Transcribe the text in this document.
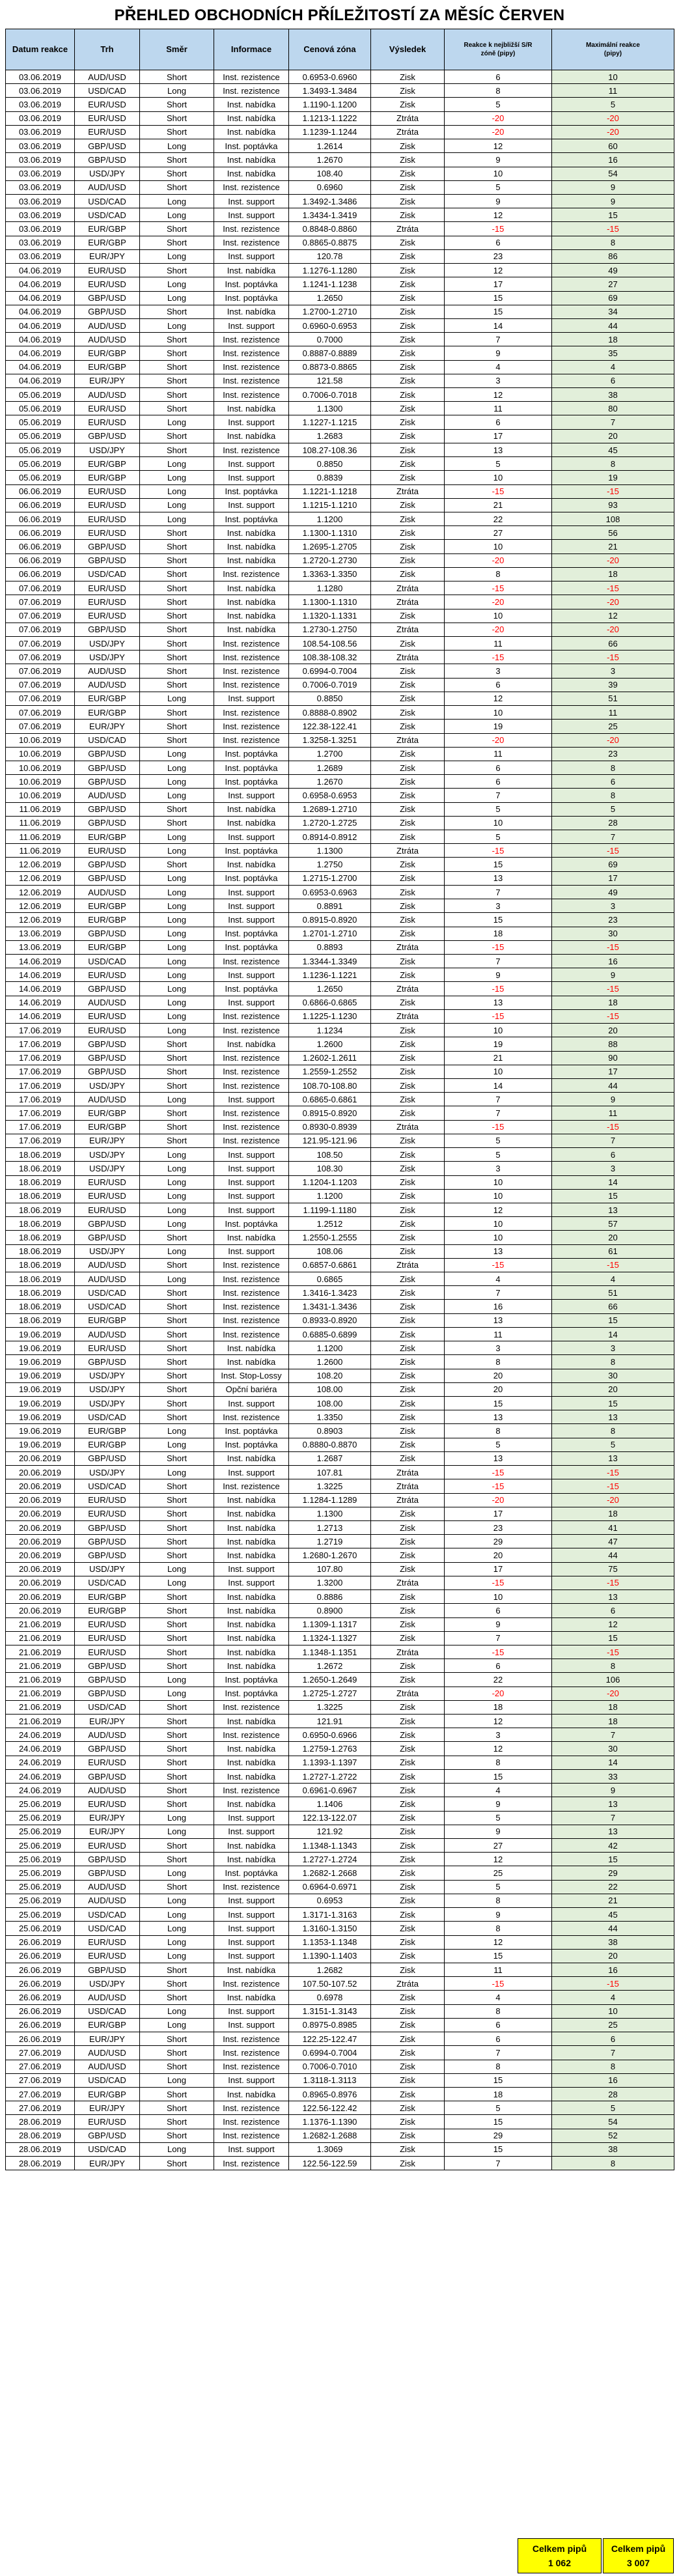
PŘEHLED OBCHODNÍCH PŘÍLEŽITOSTÍ ZA MĚSÍC ČERVEN
Datum reakce	Trh	Směr	Informace	Cenová zóna	Výsledek	Reakce k nejbližší S/R zóně (pipy)	Maximální reakce (pipy)
03.06.2019	AUD/USD	Short	Inst. rezistence	0.6953-0.6960	Zisk	6	10
03.06.2019	USD/CAD	Long	Inst. rezistence	1.3493-1.3484	Zisk	8	11
03.06.2019	EUR/USD	Short	Inst. nabídka	1.1190-1.1200	Zisk	5	5
03.06.2019	EUR/USD	Short	Inst. nabídka	1.1213-1.1222	Ztráta	-20	-20
03.06.2019	EUR/USD	Short	Inst. nabídka	1.1239-1.1244	Ztráta	-20	-20
03.06.2019	GBP/USD	Long	Inst. poptávka	1.2614	Zisk	12	60
03.06.2019	GBP/USD	Short	Inst. nabídka	1.2670	Zisk	9	16
03.06.2019	USD/JPY	Short	Inst. nabídka	108.40	Zisk	10	54
03.06.2019	AUD/USD	Short	Inst. rezistence	0.6960	Zisk	5	9
03.06.2019	USD/CAD	Long	Inst. support	1.3492-1.3486	Zisk	9	9
03.06.2019	USD/CAD	Long	Inst. support	1.3434-1.3419	Zisk	12	15
03.06.2019	EUR/GBP	Short	Inst. rezistence	0.8848-0.8860	Ztráta	-15	-15
03.06.2019	EUR/GBP	Short	Inst. rezistence	0.8865-0.8875	Zisk	6	8
03.06.2019	EUR/JPY	Long	Inst. support	120.78	Zisk	23	86
04.06.2019	EUR/USD	Short	Inst. nabídka	1.1276-1.1280	Zisk	12	49
04.06.2019	EUR/USD	Long	Inst. poptávka	1.1241-1.1238	Zisk	17	27
04.06.2019	GBP/USD	Long	Inst. poptávka	1.2650	Zisk	15	69
04.06.2019	GBP/USD	Short	Inst. nabídka	1.2700-1.2710	Zisk	15	34
04.06.2019	AUD/USD	Long	Inst. support	0.6960-0.6953	Zisk	14	44
04.06.2019	AUD/USD	Short	Inst. rezistence	0.7000	Zisk	7	18
04.06.2019	EUR/GBP	Short	Inst. rezistence	0.8887-0.8889	Zisk	9	35
04.06.2019	EUR/GBP	Short	Inst. rezistence	0.8873-0.8865	Zisk	4	4
04.06.2019	EUR/JPY	Short	Inst. rezistence	121.58	Zisk	3	6
05.06.2019	AUD/USD	Short	Inst. rezistence	0.7006-0.7018	Zisk	12	38
05.06.2019	EUR/USD	Short	Inst. nabídka	1.1300	Zisk	11	80
05.06.2019	EUR/USD	Long	Inst. support	1.1227-1.1215	Zisk	6	7
05.06.2019	GBP/USD	Short	Inst. nabídka	1.2683	Zisk	17	20
05.06.2019	USD/JPY	Short	Inst. rezistence	108.27-108.36	Zisk	13	45
05.06.2019	EUR/GBP	Long	Inst. support	0.8850	Zisk	5	8
05.06.2019	EUR/GBP	Long	Inst. support	0.8839	Zisk	10	19
06.06.2019	EUR/USD	Long	Inst. poptávka	1.1221-1.1218	Ztráta	-15	-15
06.06.2019	EUR/USD	Long	Inst. support	1.1215-1.1210	Zisk	21	93
06.06.2019	EUR/USD	Long	Inst. poptávka	1.1200	Zisk	22	108
06.06.2019	EUR/USD	Short	Inst. nabídka	1.1300-1.1310	Zisk	27	56
06.06.2019	GBP/USD	Short	Inst. nabídka	1.2695-1.2705	Zisk	10	21
06.06.2019	GBP/USD	Short	Inst. nabídka	1.2720-1.2730	Zisk	-20	-20
06.06.2019	USD/CAD	Short	Inst. rezistence	1.3363-1.3350	Zisk	8	18
07.06.2019	EUR/USD	Short	Inst. nabídka	1.1280	Ztráta	-15	-15
07.06.2019	EUR/USD	Short	Inst. nabídka	1.1300-1.1310	Ztráta	-20	-20
07.06.2019	EUR/USD	Short	Inst. nabídka	1.1320-1.1331	Zisk	10	12
07.06.2019	GBP/USD	Short	Inst. nabídka	1.2730-1.2750	Ztráta	-20	-20
07.06.2019	USD/JPY	Short	Inst. rezistence	108.54-108.56	Zisk	11	66
07.06.2019	USD/JPY	Short	Inst. rezistence	108.38-108.32	Ztráta	-15	-15
07.06.2019	AUD/USD	Short	Inst. rezistence	0.6994-0.7004	Zisk	3	3
07.06.2019	AUD/USD	Short	Inst. rezistence	0.7006-0.7019	Zisk	6	39
07.06.2019	EUR/GBP	Long	Inst. support	0.8850	Zisk	12	51
07.06.2019	EUR/GBP	Short	Inst. rezistence	0.8888-0.8902	Zisk	10	11
07.06.2019	EUR/JPY	Short	Inst. rezistence	122.38-122.41	Zisk	19	25
10.06.2019	USD/CAD	Short	Inst. rezistence	1.3258-1.3251	Ztráta	-20	-20
10.06.2019	GBP/USD	Long	Inst. poptávka	1.2700	Zisk	11	23
10.06.2019	GBP/USD	Long	Inst. poptávka	1.2689	Zisk	6	8
10.06.2019	GBP/USD	Long	Inst. poptávka	1.2670	Zisk	6	6
10.06.2019	AUD/USD	Long	Inst. support	0.6958-0.6953	Zisk	7	8
11.06.2019	GBP/USD	Short	Inst. nabídka	1.2689-1.2710	Zisk	5	5
11.06.2019	GBP/USD	Short	Inst. nabídka	1.2720-1.2725	Zisk	10	28
11.06.2019	EUR/GBP	Long	Inst. support	0.8914-0.8912	Zisk	5	7
11.06.2019	EUR/USD	Long	Inst. poptávka	1.1300	Ztráta	-15	-15
12.06.2019	GBP/USD	Short	Inst. nabídka	1.2750	Zisk	15	69
12.06.2019	GBP/USD	Long	Inst. poptávka	1.2715-1.2700	Zisk	13	17
12.06.2019	AUD/USD	Long	Inst. support	0.6953-0.6963	Zisk	7	49
12.06.2019	EUR/GBP	Long	Inst. support	0.8891	Zisk	3	3
12.06.2019	EUR/GBP	Long	Inst. support	0.8915-0.8920	Zisk	15	23
13.06.2019	GBP/USD	Long	Inst. poptávka	1.2701-1.2710	Zisk	18	30
13.06.2019	EUR/GBP	Long	Inst. poptávka	0.8893	Ztráta	-15	-15
14.06.2019	USD/CAD	Long	Inst. rezistence	1.3344-1.3349	Zisk	7	16
14.06.2019	EUR/USD	Long	Inst. support	1.1236-1.1221	Zisk	9	9
14.06.2019	GBP/USD	Long	Inst. poptávka	1.2650	Ztráta	-15	-15
14.06.2019	AUD/USD	Long	Inst. support	0.6866-0.6865	Zisk	13	18
14.06.2019	EUR/USD	Long	Inst. rezistence	1.1225-1.1230	Ztráta	-15	-15
17.06.2019	EUR/USD	Long	Inst. rezistence	1.1234	Zisk	10	20
17.06.2019	GBP/USD	Short	Inst. nabídka	1.2600	Zisk	19	88
17.06.2019	GBP/USD	Short	Inst. rezistence	1.2602-1.2611	Zisk	21	90
17.06.2019	GBP/USD	Short	Inst. rezistence	1.2559-1.2552	Zisk	10	17
17.06.2019	USD/JPY	Short	Inst. rezistence	108.70-108.80	Zisk	14	44
17.06.2019	AUD/USD	Long	Inst. support	0.6865-0.6861	Zisk	7	9
17.06.2019	EUR/GBP	Short	Inst. rezistence	0.8915-0.8920	Zisk	7	11
17.06.2019	EUR/GBP	Short	Inst. rezistence	0.8930-0.8939	Ztráta	-15	-15
17.06.2019	EUR/JPY	Short	Inst. rezistence	121.95-121.96	Zisk	5	7
18.06.2019	USD/JPY	Long	Inst. support	108.50	Zisk	5	6
18.06.2019	USD/JPY	Long	Inst. support	108.30	Zisk	3	3
18.06.2019	EUR/USD	Long	Inst. support	1.1204-1.1203	Zisk	10	14
18.06.2019	EUR/USD	Long	Inst. support	1.1200	Zisk	10	15
18.06.2019	EUR/USD	Long	Inst. support	1.1199-1.1180	Zisk	12	13
18.06.2019	GBP/USD	Long	Inst. poptávka	1.2512	Zisk	10	57
18.06.2019	GBP/USD	Short	Inst. nabídka	1.2550-1.2555	Zisk	10	20
18.06.2019	USD/JPY	Long	Inst. support	108.06	Zisk	13	61
18.06.2019	AUD/USD	Short	Inst. rezistence	0.6857-0.6861	Ztráta	-15	-15
18.06.2019	AUD/USD	Long	Inst. rezistence	0.6865	Zisk	4	4
18.06.2019	USD/CAD	Short	Inst. rezistence	1.3416-1.3423	Zisk	7	51
18.06.2019	USD/CAD	Short	Inst. rezistence	1.3431-1.3436	Zisk	16	66
18.06.2019	EUR/GBP	Short	Inst. rezistence	0.8933-0.8920	Zisk	13	15
19.06.2019	AUD/USD	Short	Inst. rezistence	0.6885-0.6899	Zisk	11	14
19.06.2019	EUR/USD	Short	Inst. nabídka	1.1200	Zisk	3	3
19.06.2019	GBP/USD	Short	Inst. nabídka	1.2600	Zisk	8	8
19.06.2019	USD/JPY	Short	Inst. Stop-Lossy	108.20	Zisk	20	30
19.06.2019	USD/JPY	Short	Opční bariéra	108.00	Zisk	20	20
19.06.2019	USD/JPY	Short	Inst. support	108.00	Zisk	15	15
19.06.2019	USD/CAD	Short	Inst. rezistence	1.3350	Zisk	13	13
19.06.2019	EUR/GBP	Long	Inst. poptávka	0.8903	Zisk	8	8
19.06.2019	EUR/GBP	Long	Inst. poptávka	0.8880-0.8870	Zisk	5	5
20.06.2019	GBP/USD	Short	Inst. nabídka	1.2687	Zisk	13	13
20.06.2019	USD/JPY	Long	Inst. support	107.81	Ztráta	-15	-15
20.06.2019	USD/CAD	Short	Inst. rezistence	1.3225	Ztráta	-15	-15
20.06.2019	EUR/USD	Short	Inst. nabídka	1.1284-1.1289	Ztráta	-20	-20
20.06.2019	EUR/USD	Short	Inst. nabídka	1.1300	Zisk	17	18
20.06.2019	GBP/USD	Short	Inst. nabídka	1.2713	Zisk	23	41
20.06.2019	GBP/USD	Short	Inst. nabídka	1.2719	Zisk	29	47
20.06.2019	GBP/USD	Short	Inst. nabídka	1.2680-1.2670	Zisk	20	44
20.06.2019	USD/JPY	Long	Inst. support	107.80	Zisk	17	75
20.06.2019	USD/CAD	Long	Inst. support	1.3200	Ztráta	-15	-15
20.06.2019	EUR/GBP	Short	Inst. nabídka	0.8886	Zisk	10	13
20.06.2019	EUR/GBP	Short	Inst. nabídka	0.8900	Zisk	6	6
21.06.2019	EUR/USD	Short	Inst. nabídka	1.1309-1.1317	Zisk	9	12
21.06.2019	EUR/USD	Short	Inst. nabídka	1.1324-1.1327	Zisk	7	15
21.06.2019	EUR/USD	Short	Inst. nabídka	1.1348-1.1351	Ztráta	-15	-15
21.06.2019	GBP/USD	Short	Inst. nabídka	1.2672	Zisk	6	8
21.06.2019	GBP/USD	Long	Inst. poptávka	1.2650-1.2649	Zisk	22	106
21.06.2019	GBP/USD	Long	Inst. poptávka	1.2725-1.2727	Ztráta	-20	-20
21.06.2019	USD/CAD	Short	Inst. rezistence	1.3225	Zisk	18	18
21.06.2019	EUR/JPY	Short	Inst. nabídka	121.91	Zisk	12	18
24.06.2019	AUD/USD	Short	Inst. rezistence	0.6950-0.6966	Zisk	3	7
24.06.2019	GBP/USD	Short	Inst. nabídka	1.2759-1.2763	Zisk	12	30
24.06.2019	EUR/USD	Short	Inst. nabídka	1.1393-1.1397	Zisk	8	14
24.06.2019	GBP/USD	Short	Inst. nabídka	1.2727-1.2722	Zisk	15	33
24.06.2019	AUD/USD	Short	Inst. rezistence	0.6961-0.6967	Zisk	4	9
25.06.2019	EUR/USD	Short	Inst. nabídka	1.1406	Zisk	9	13
25.06.2019	EUR/JPY	Long	Inst. support	122.13-122.07	Zisk	5	7
25.06.2019	EUR/JPY	Long	Inst. support	121.92	Zisk	9	13
25.06.2019	EUR/USD	Short	Inst. nabídka	1.1348-1.1343	Zisk	27	42
25.06.2019	GBP/USD	Short	Inst. nabídka	1.2727-1.2724	Zisk	12	15
25.06.2019	GBP/USD	Long	Inst. poptávka	1.2682-1.2668	Zisk	25	29
25.06.2019	AUD/USD	Short	Inst. rezistence	0.6964-0.6971	Zisk	5	22
25.06.2019	AUD/USD	Long	Inst. support	0.6953	Zisk	8	21
25.06.2019	USD/CAD	Long	Inst. support	1.3171-1.3163	Zisk	9	45
25.06.2019	USD/CAD	Long	Inst. support	1.3160-1.3150	Zisk	8	44
26.06.2019	EUR/USD	Long	Inst. support	1.1353-1.1348	Zisk	12	38
26.06.2019	EUR/USD	Long	Inst. support	1.1390-1.1403	Zisk	15	20
26.06.2019	GBP/USD	Short	Inst. nabídka	1.2682	Zisk	11	16
26.06.2019	USD/JPY	Short	Inst. rezistence	107.50-107.52	Ztráta	-15	-15
26.06.2019	AUD/USD	Short	Inst. nabídka	0.6978	Zisk	4	4
26.06.2019	USD/CAD	Long	Inst. support	1.3151-1.3143	Zisk	8	10
26.06.2019	EUR/GBP	Long	Inst. support	0.8975-0.8985	Zisk	6	25
26.06.2019	EUR/JPY	Short	Inst. rezistence	122.25-122.47	Zisk	6	6
27.06.2019	AUD/USD	Short	Inst. rezistence	0.6994-0.7004	Zisk	7	7
27.06.2019	AUD/USD	Short	Inst. rezistence	0.7006-0.7010	Zisk	8	8
27.06.2019	USD/CAD	Long	Inst. support	1.3118-1.3113	Zisk	15	16
27.06.2019	EUR/GBP	Short	Inst. nabídka	0.8965-0.8976	Zisk	18	28
27.06.2019	EUR/JPY	Short	Inst. rezistence	122.56-122.42	Zisk	5	5
28.06.2019	EUR/USD	Short	Inst. rezistence	1.1376-1.1390	Zisk	15	54
28.06.2019	GBP/USD	Short	Inst. rezistence	1.2682-1.2688	Zisk	29	52
28.06.2019	USD/CAD	Long	Inst. support	1.3069	Zisk	15	38
28.06.2019	EUR/JPY	Short	Inst. rezistence	122.56-122.59	Zisk	7	8
Celkem pipů
1 062
Celkem pipů
3 007
